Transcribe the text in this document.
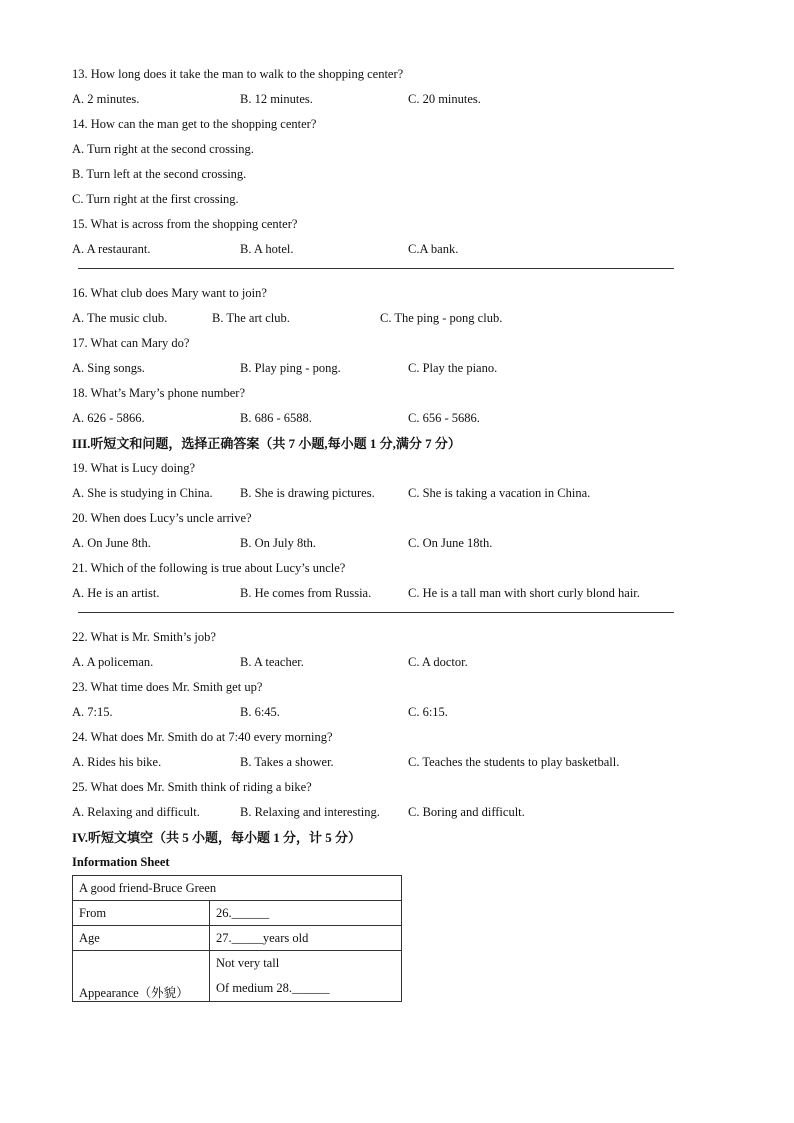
13. How long does it take the man to walk to the shopping center?
A. 2 minutes.	B. 12 minutes.	C. 20 minutes.
14. How can the man get to the shopping center?
A. Turn right at the second crossing.
B. Turn left at the second crossing.
C. Turn right at the first crossing.
15. What is across from the shopping center?
A. A restaurant.	B. A hotel.	C.A bank.
16. What club does Mary want to join?
A. The music club.	B. The art club.	C. The ping - pong club.
17. What can Mary do?
A. Sing songs.	B. Play ping - pong.	C. Play the piano.
18. What’s Mary’s phone number?
A. 626 - 5866.	B. 686 - 6588.	C. 656 - 5686.
III.听短文和问题，选择正确答案（共 7 小题,每小题 1 分,满分 7 分）
19. What is Lucy doing?
A. She is studying in China. B. She is drawing pictures.	C. She is taking a vacation in China.
20. When does Lucy’s uncle arrive?
A. On June 8th.	B. On July 8th.	C. On June 18th.
21. Which of the following is true about Lucy’s uncle?
A. He is an artist.	B. He comes from Russia.	C. He is a tall man with short curly blond hair.
22. What is Mr. Smith’s job?
A. A policeman.	B. A teacher.	C. A doctor.
23. What time does Mr. Smith get up?
A. 7:15.	B. 6:45.	C. 6:15.
24. What does Mr. Smith do at 7:40 every morning?
A. Rides his bike.	B. Takes a shower.	C. Teaches the students to play basketball.
25. What does Mr. Smith think of riding a bike?
A. Relaxing and difficult.	B. Relaxing and interesting. C. Boring and difficult.
IV.听短文填空（共 5 小题，每小题 1 分，计 5 分）
Information Sheet
A good friend-Bruce Green	
From	26.______
Age	27._____years old
Appearance（外貌）	Not very tall
Of medium 28.______
